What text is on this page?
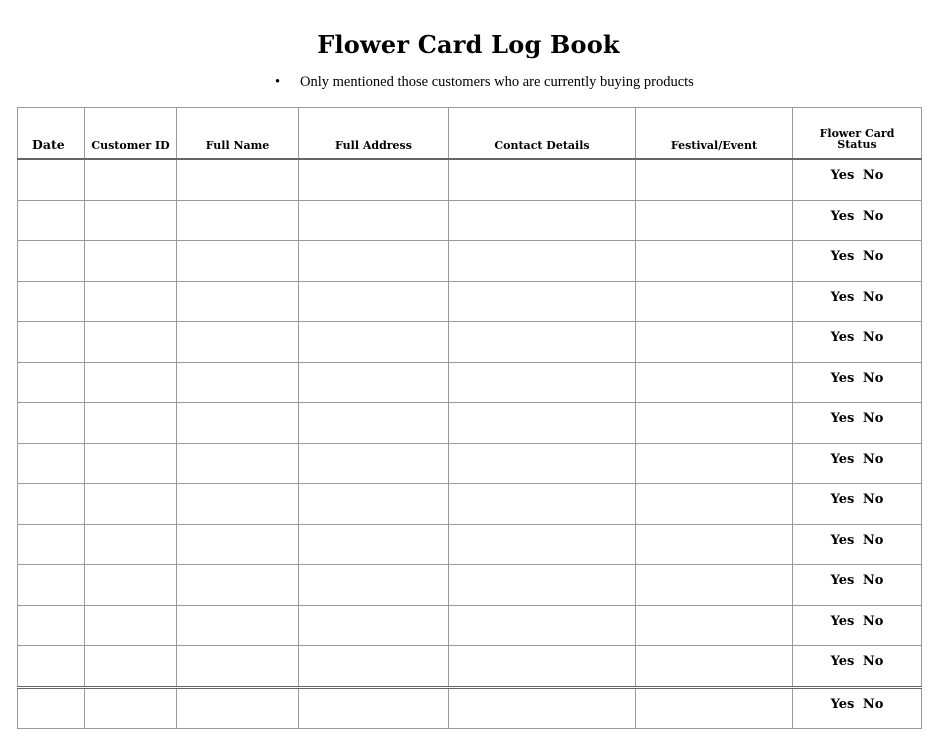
Flower Card Log Book
• Only mentioned those customers who are currently buying products
Date	Customer ID	Full Name	Full Address	Contact Details	Festival/Event	Flower Card Status
						Yes No
						Yes No
						Yes No
						Yes No
						Yes No
						Yes No
						Yes No
						Yes No
						Yes No
						Yes No
						Yes No
						Yes No
						Yes No
						Yes No
